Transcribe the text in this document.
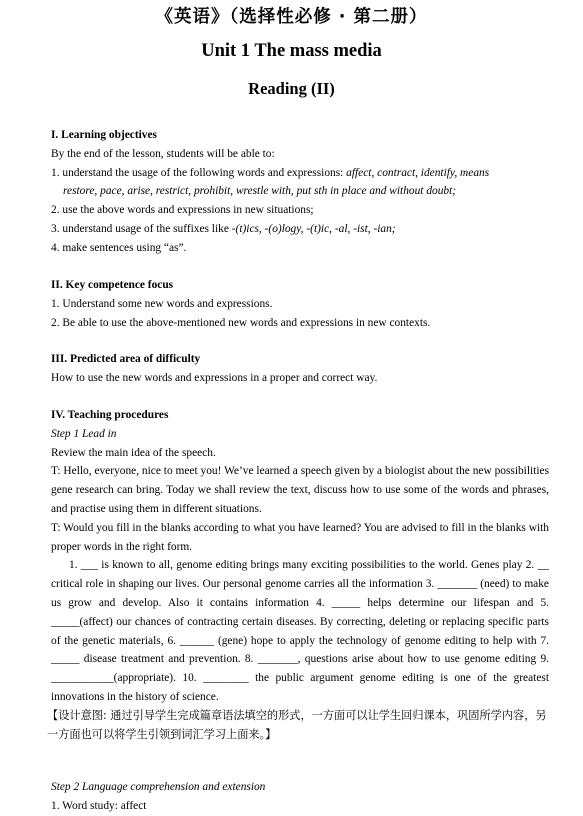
《英语》（选择性必修 · 第二册）
Unit 1 The mass media
Reading (II)
I. Learning objectives
By the end of the lesson, students will be able to:
1. understand the usage of the following words and expressions: affect, contract, identify, means
restore, pace, arise, restrict, prohibit, wrestle with, put sth in place and without doubt;
2. use the above words and expressions in new situations;
3. understand usage of the suffixes like -(t)ics, -(o)logy, -(t)ic, -al, -ist, -ian;
4. make sentences using “as”.
II. Key competence focus
1. Understand some new words and expressions.
2. Be able to use the above-mentioned new words and expressions in new contexts.
III. Predicted area of difficulty
How to use the new words and expressions in a proper and correct way.
IV. Teaching procedures
Step 1 Lead in
Review the main idea of the speech.
T: Hello, everyone, nice to meet you! We’ve learned a speech given by a biologist about the new possibilities gene research can bring. Today we shall review the text, discuss how to use some of the words and phrases, and practise using them in different situations.
T: Would you fill in the blanks according to what you have learned? You are advised to fill in the blanks with proper words in the right form.
1. ___ is known to all, genome editing brings many exciting possibilities to the world. Genes play 2. __ critical role in shaping our lives. Our personal genome carries all the information 3. _______ (need) to make us grow and develop. Also it contains information 4. _____ helps determine our lifespan and 5. _____(affect) our chances of contracting certain diseases. By correcting, deleting or replacing specific parts of the genetic materials, 6. ______ (gene) hope to apply the technology of genome editing to help with 7. _____ disease treatment and prevention. 8. _______, questions arise about how to use genome editing 9. ___________(appropriate). 10. ________ the public argument genome editing is one of the greatest innovations in the history of science.
【设计意图: 通过引导学生完成篇章语法填空的形式，一方面可以让学生回归课本，巩固所学内容，另一方面也可以将学生引领到词汇学习上面来。】
Step 2 Language comprehension and extension
1. Word study: affect
